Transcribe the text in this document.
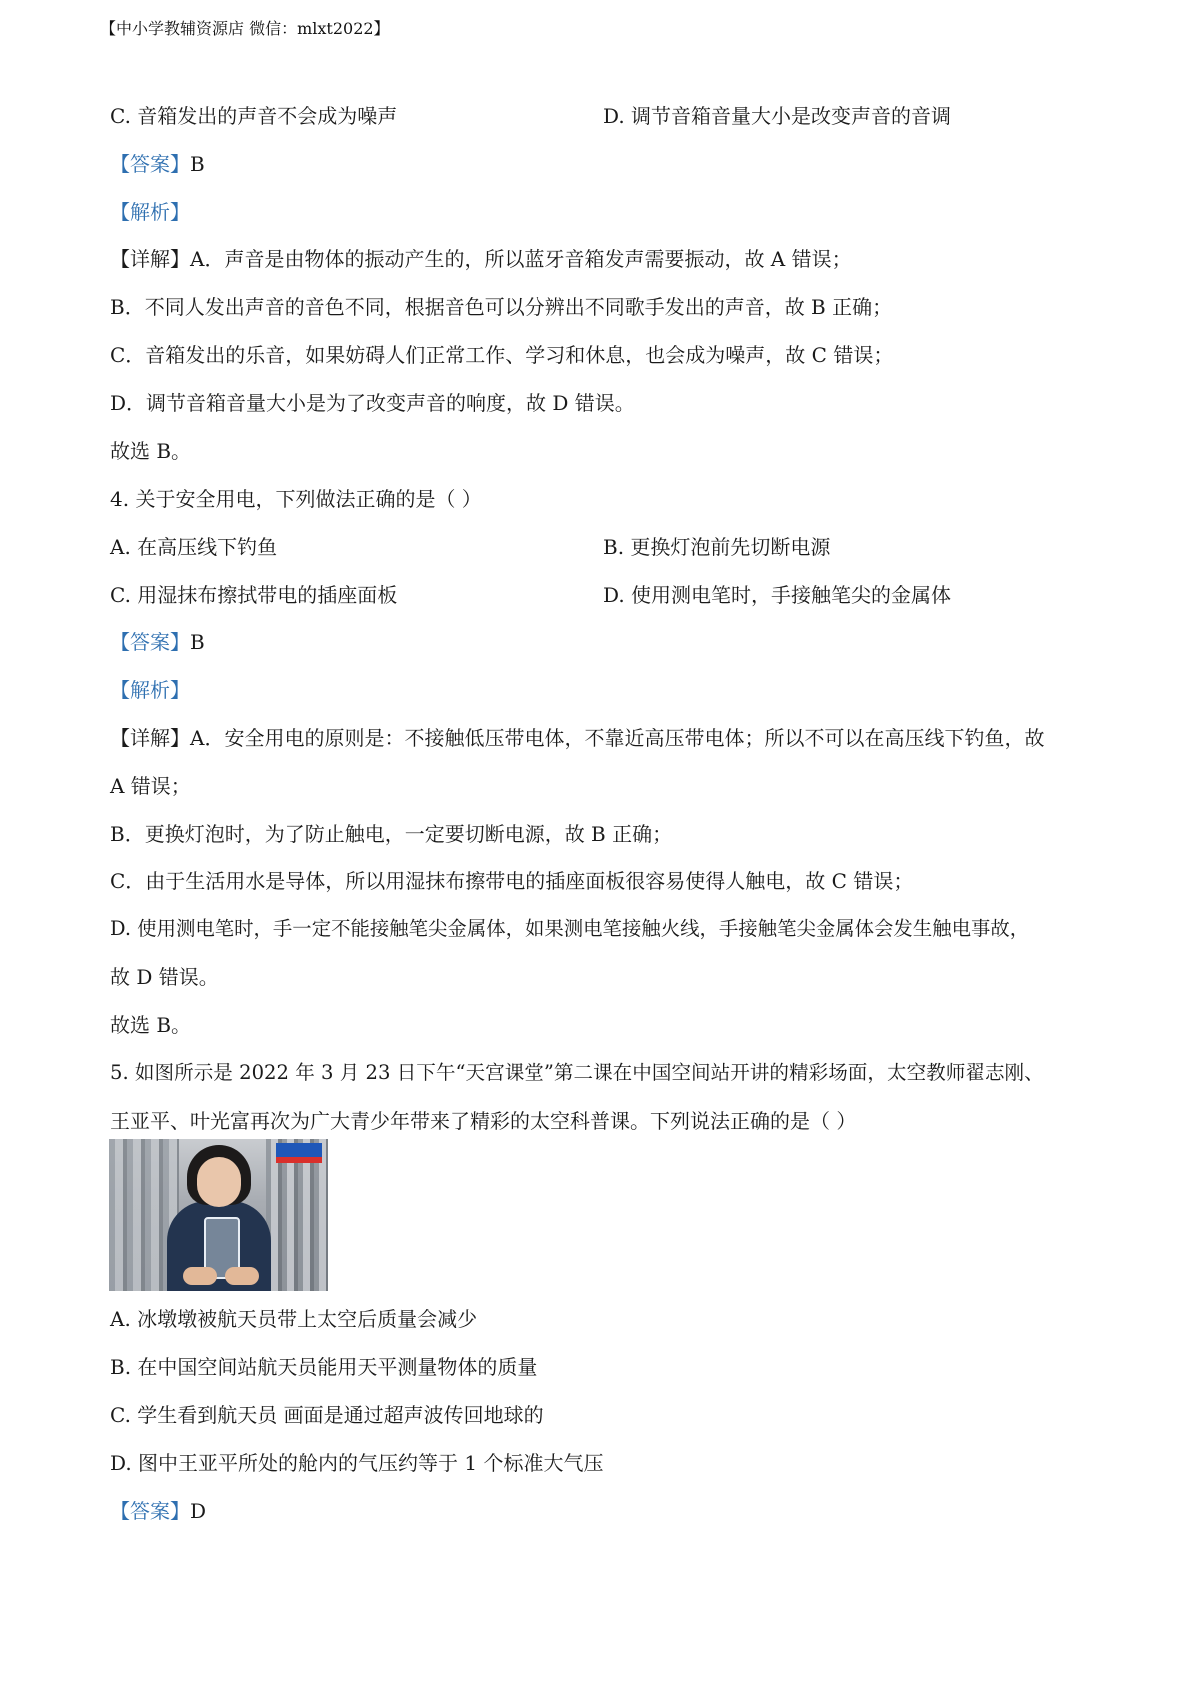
【中小学教辅资源店 微信：mlxt2022】
C. 音箱发出的声音不会成为噪声	D. 调节音箱音量大小是改变声音的音调
【答案】B
【解析】
【详解】A．声音是由物体的振动产生的，所以蓝牙音箱发声需要振动，故 A 错误；
B．不同人发出声音的音色不同，根据音色可以分辨出不同歌手发出的声音，故 B 正确；
C．音箱发出的乐音，如果妨碍人们正常工作、学习和休息，也会成为噪声，故 C 错误；
D．调节音箱音量大小是为了改变声音的响度，故 D 错误。
故选 B。
4. 关于安全用电，下列做法正确的是（ ）
A. 在高压线下钓鱼	B. 更换灯泡前先切断电源
C. 用湿抹布擦拭带电的插座面板	D. 使用测电笔时，手接触笔尖的金属体
【答案】B
【解析】
【详解】A．安全用电的原则是：不接触低压带电体，不靠近高压带电体；所以不可以在高压线下钓鱼，故
A 错误；
B．更换灯泡时，为了防止触电，一定要切断电源，故 B 正确；
C．由于生活用水是导体，所以用湿抹布擦带电的插座面板很容易使得人触电，故 C 错误；
D. 使用测电笔时，手一定不能接触笔尖金属体，如果测电笔接触火线，手接触笔尖金属体会发生触电事故，
故 D 错误。
故选 B。
5. 如图所示是 2022 年 3 月 23 日下午“天宫课堂”第二课在中国空间站开讲的精彩场面，太空教师翟志刚、
王亚平、叶光富再次为广大青少年带来了精彩的太空科普课。下列说法正确的是（ ）
A. 冰墩墩被航天员带上太空后质量会减少
B. 在中国空间站航天员能用天平测量物体的质量
C. 学生看到航天员 画面是通过超声波传回地球的
D. 图中王亚平所处的舱内的气压约等于 1 个标准大气压
【答案】D
